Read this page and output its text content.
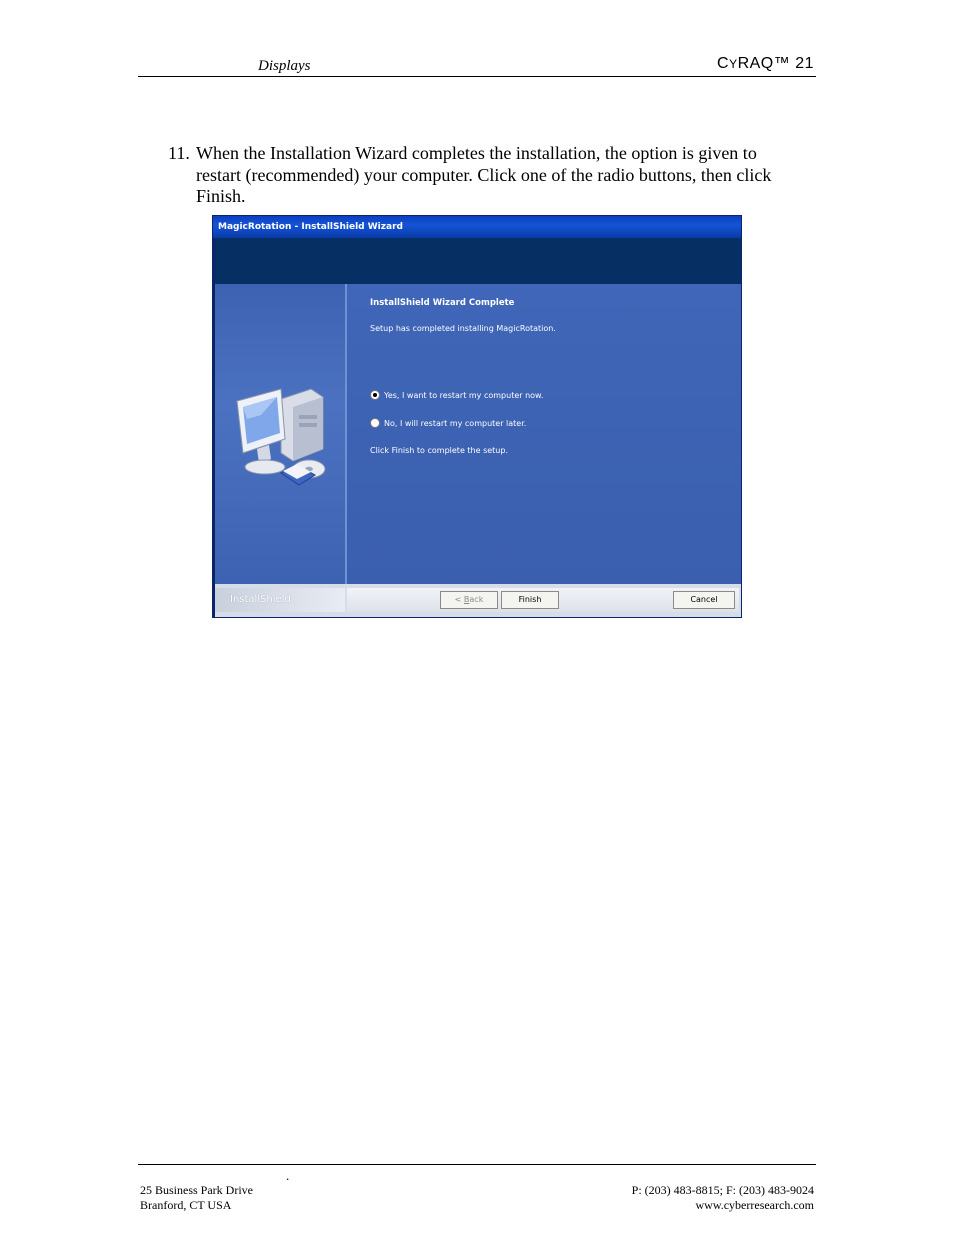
Displays	CYRAQ™ 21
11. When the Installation Wizard completes the installation, the option is given to restart (recommended) your computer. Click one of the radio buttons, then click Finish.
MagicRotation - InstallShield Wizard
InstallShield Wizard Complete
Setup has completed installing MagicRotation.
Yes, I want to restart my computer now.
No, I will restart my computer later.
Click Finish to complete the setup.
InstallShield	< Back	Finish	Cancel
.
25 Business Park Drive
Branford, CT USA
P: (203) 483-8815; F: (203) 483-9024
www.cyberresearch.com
